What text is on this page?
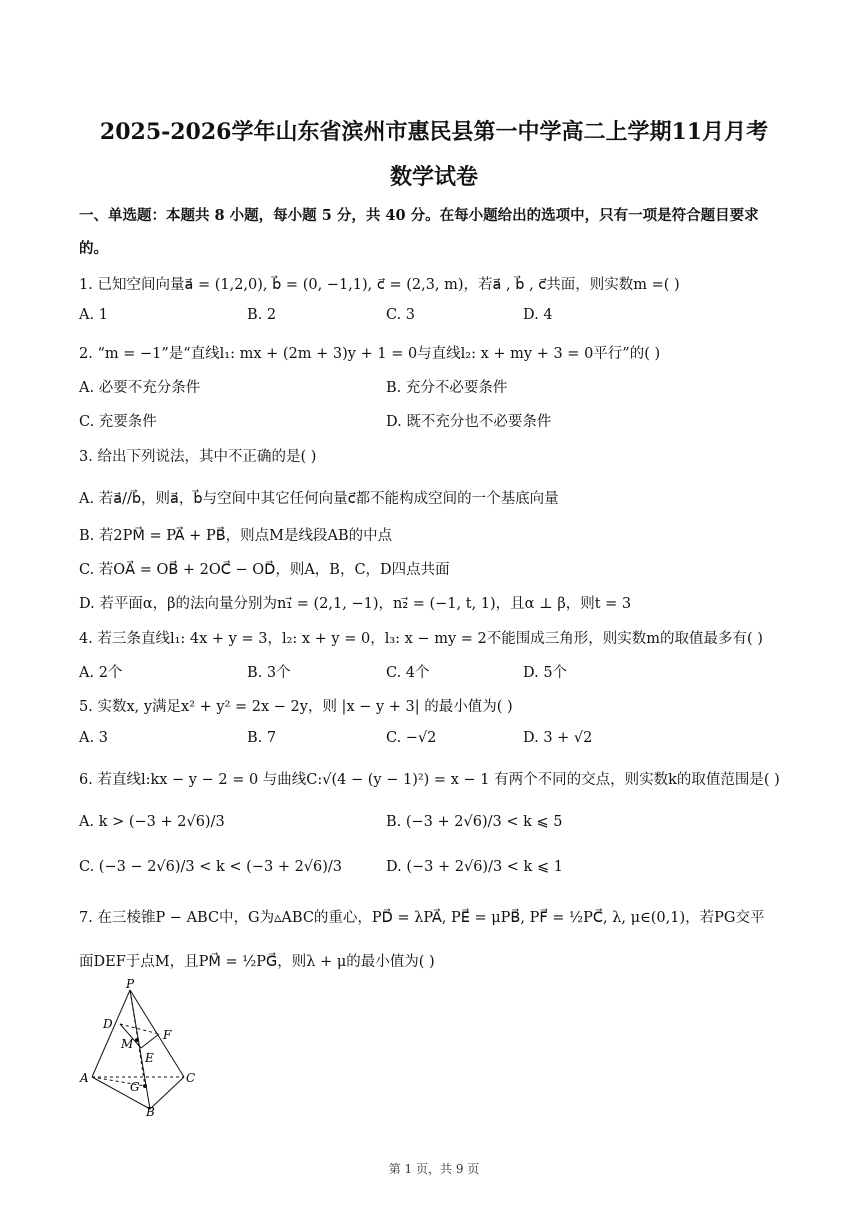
2025-2026学年山东省滨州市惠民县第一中学高二上学期11月月考
数学试卷
一、单选题：本题共 8 小题，每小题 5 分，共 40 分。在每小题给出的选项中，只有一项是符合题目要求
的。
1. 已知空间向量a⃗ = (1,2,0), b⃗ = (0, −1,1), c⃗ = (2,3, m)，若a⃗ , b⃗ , c⃗共面，则实数m =( )
A. 1	B. 2	C. 3	D. 4
2. “m = −1”是“直线l₁: mx + (2m + 3)y + 1 = 0与直线l₂: x + my + 3 = 0平行”的( )
A. 必要不充分条件	B. 充分不必要条件
C. 充要条件	D. 既不充分也不必要条件
3. 给出下列说法，其中不正确的是( )
A. 若a⃗//b⃗，则a⃗，b⃗与空间中其它任何向量c⃗都不能构成空间的一个基底向量
B. 若2PM⃗ = PA⃗ + PB⃗，则点M是线段AB的中点
C. 若OA⃗ = OB⃗ + 2OC⃗ − OD⃗，则A，B，C，D四点共面
D. 若平面α，β的法向量分别为n₁⃗ = (2,1, −1)，n₂⃗ = (−1, t, 1)，且α ⊥ β，则t = 3
4. 若三条直线l₁: 4x + y = 3，l₂: x + y = 0，l₃: x − my = 2不能围成三角形，则实数m的取值最多有( )
A. 2个	B. 3个	C. 4个	D. 5个
5. 实数x, y满足x² + y² = 2x − 2y，则 |x − y + 3| 的最小值为( )
A. 3	B. 7	C. −√2	D. 3 + √2
6. 若直线l:kx − y − 2 = 0 与曲线C:√(4 − (y − 1)²) = x − 1 有两个不同的交点，则实数k的取值范围是( )
A. k > (−3 + 2√6)/3	B. (−3 + 2√6)/3 < k ⩽ 5
C. (−3 − 2√6)/3 < k < (−3 + 2√6)/3	D. (−3 + 2√6)/3 < k ⩽ 1
7. 在三棱锥P − ABC中，G为▵ABC的重心，PD⃗ = λPA⃗, PE⃗ = μPB⃗, PF⃗ = ½PC⃗, λ, μ∈(0,1)，若PG交平
面DEF于点M，且PM⃗ = ½PG⃗，则λ + μ的最小值为( )
P
D
F
M
E
A
G
C
B
第 1 页，共 9 页
